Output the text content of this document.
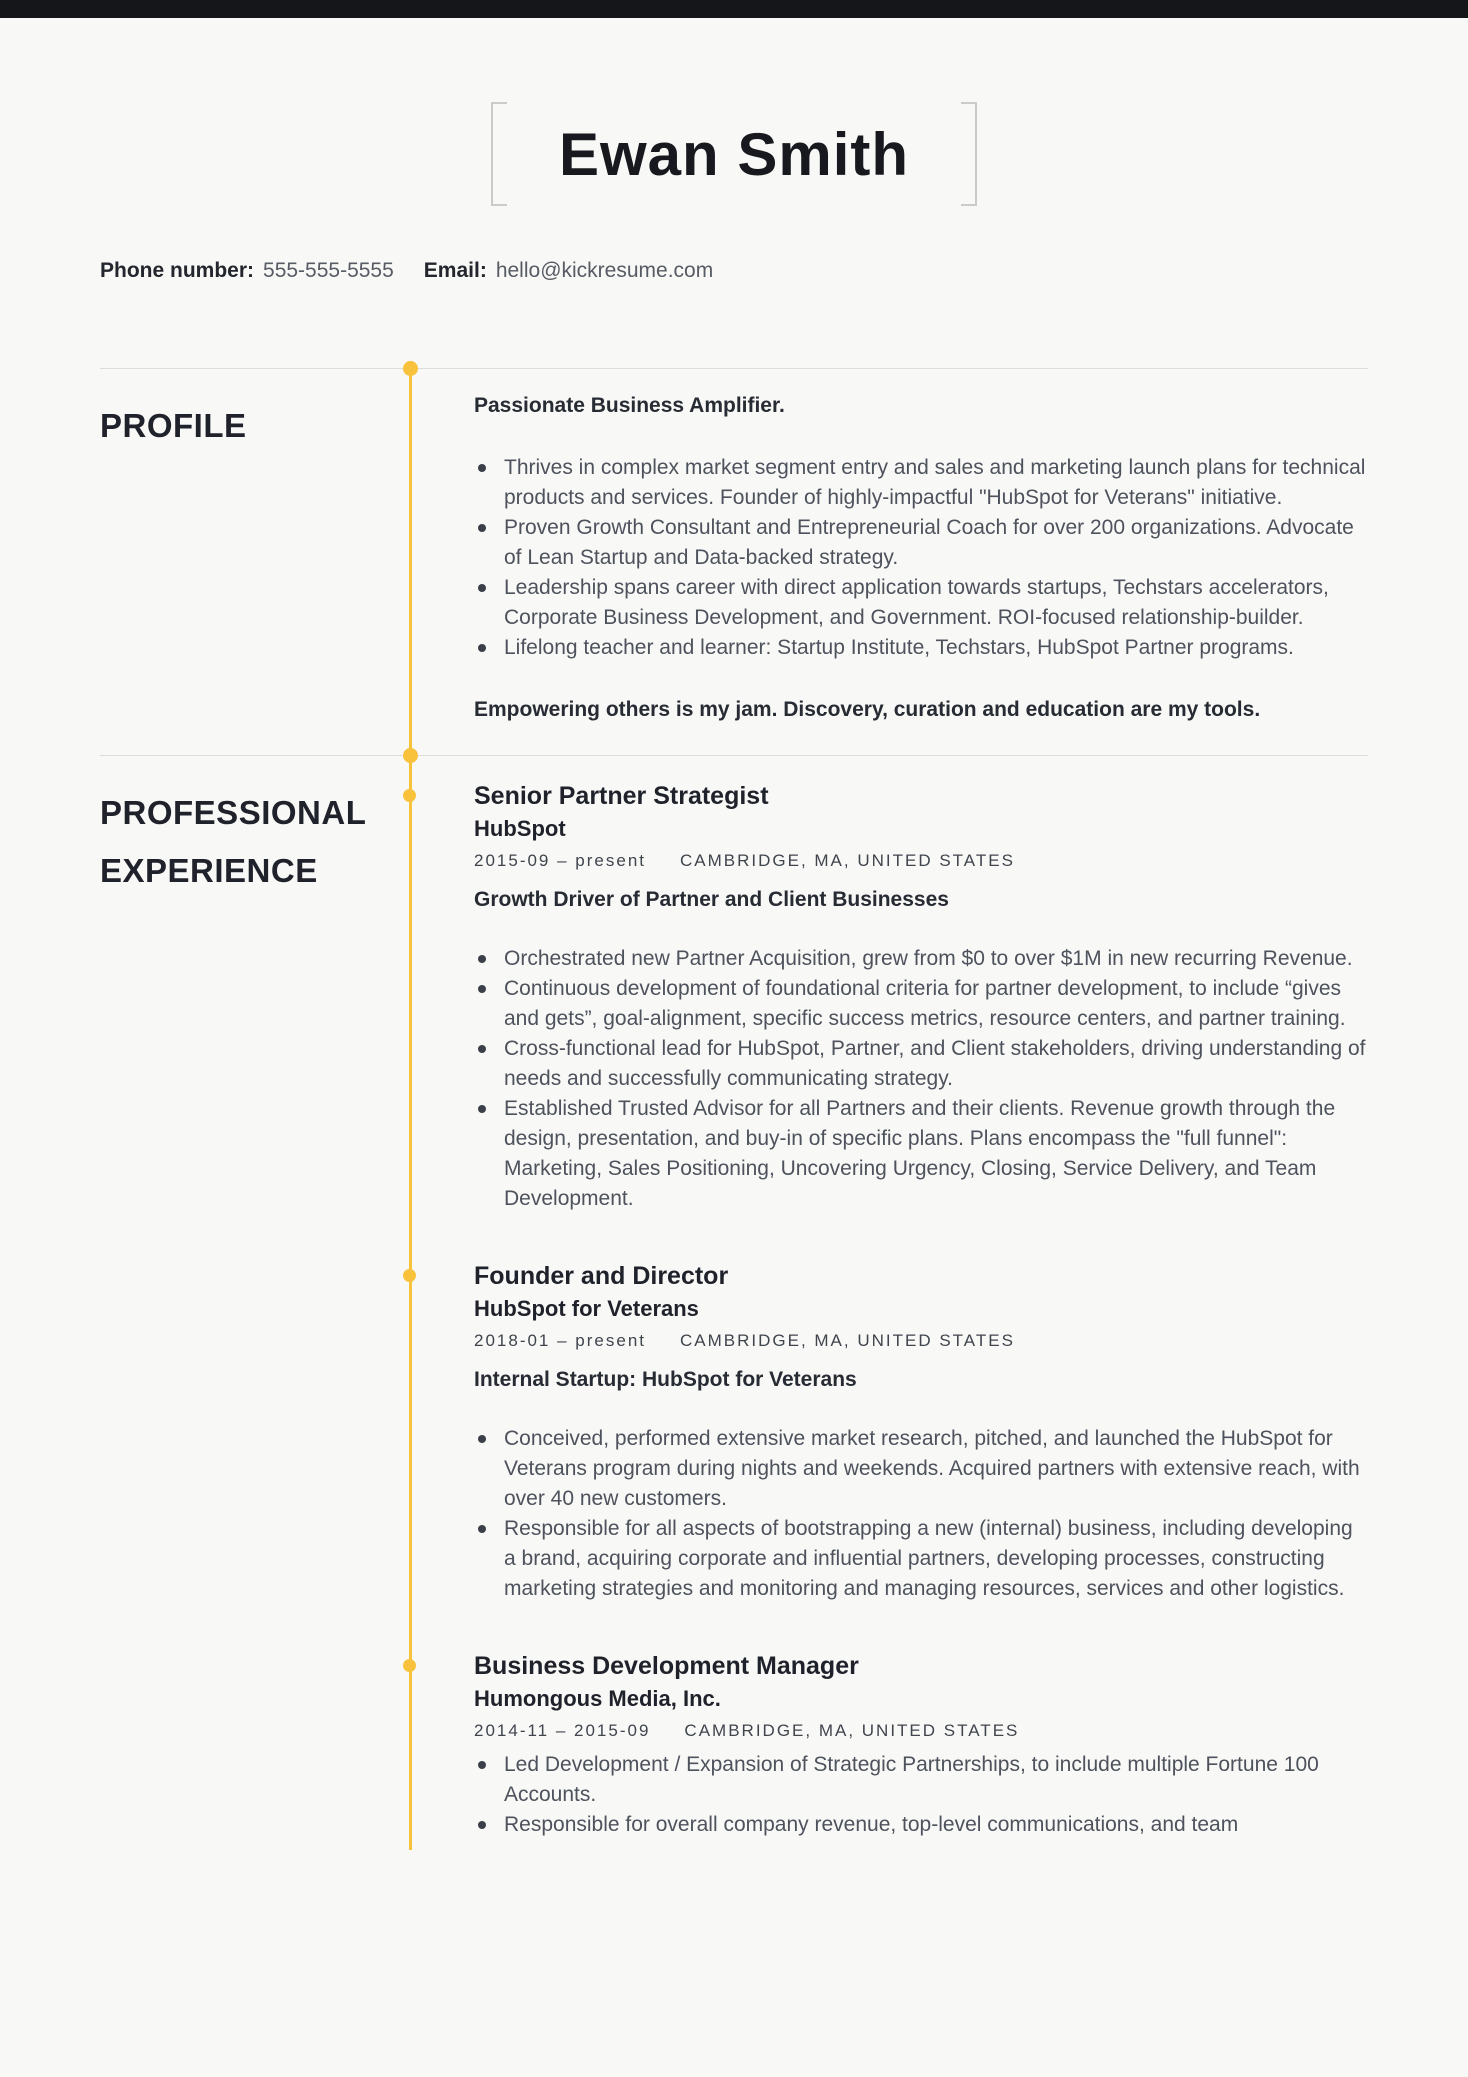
Ewan Smith
Phone number: 555-555-5555 Email: hello@kickresume.com
PROFILE

Passionate Business Amplifier.

Thrives in complex market segment entry and sales and marketing launch plans for technical products and services. Founder of highly-impactful "HubSpot for Veterans" initiative.
Proven Growth Consultant and Entrepreneurial Coach for over 200 organizations. Advocate of Lean Startup and Data-backed strategy.
Leadership spans career with direct application towards startups, Techstars accelerators, Corporate Business Development, and Government. ROI-focused relationship-builder.
Lifelong teacher and learner: Startup Institute, Techstars, HubSpot Partner programs.

Empowering others is my jam. Discovery, curation and education are my tools.

PROFESSIONAL
EXPERIENCE
Senior Partner Strategist
HubSpot
2015-09 – present CAMBRIDGE, MA, UNITED STATES
Growth Driver of Partner and Client Businesses
Orchestrated new Partner Acquisition, grew from $0 to over $1M in new recurring Revenue.
Continuous development of foundational criteria for partner development, to include “gives and gets”, goal-alignment, specific success metrics, resource centers, and partner training.
Cross-functional lead for HubSpot, Partner, and Client stakeholders, driving understanding of needs and successfully communicating strategy.
Established Trusted Advisor for all Partners and their clients. Revenue growth through the design, presentation, and buy-in of specific plans. Plans encompass the "full funnel": Marketing, Sales Positioning, Uncovering Urgency, Closing, Service Delivery, and Team Development.
Founder and Director
HubSpot for Veterans
2018-01 – present CAMBRIDGE, MA, UNITED STATES
Internal Startup: HubSpot for Veterans
Conceived, performed extensive market research, pitched, and launched the HubSpot for Veterans program during nights and weekends. Acquired partners with extensive reach, with over 40 new customers.
Responsible for all aspects of bootstrapping a new (internal) business, including developing a brand, acquiring corporate and influential partners, developing processes, constructing marketing strategies and monitoring and managing resources, services and other logistics.
Business Development Manager
Humongous Media, Inc.
2014-11 – 2015-09 CAMBRIDGE, MA, UNITED STATES
Led Development / Expansion of Strategic Partnerships, to include multiple Fortune 100 Accounts.
Responsible for overall company revenue, top-level communications, and team
